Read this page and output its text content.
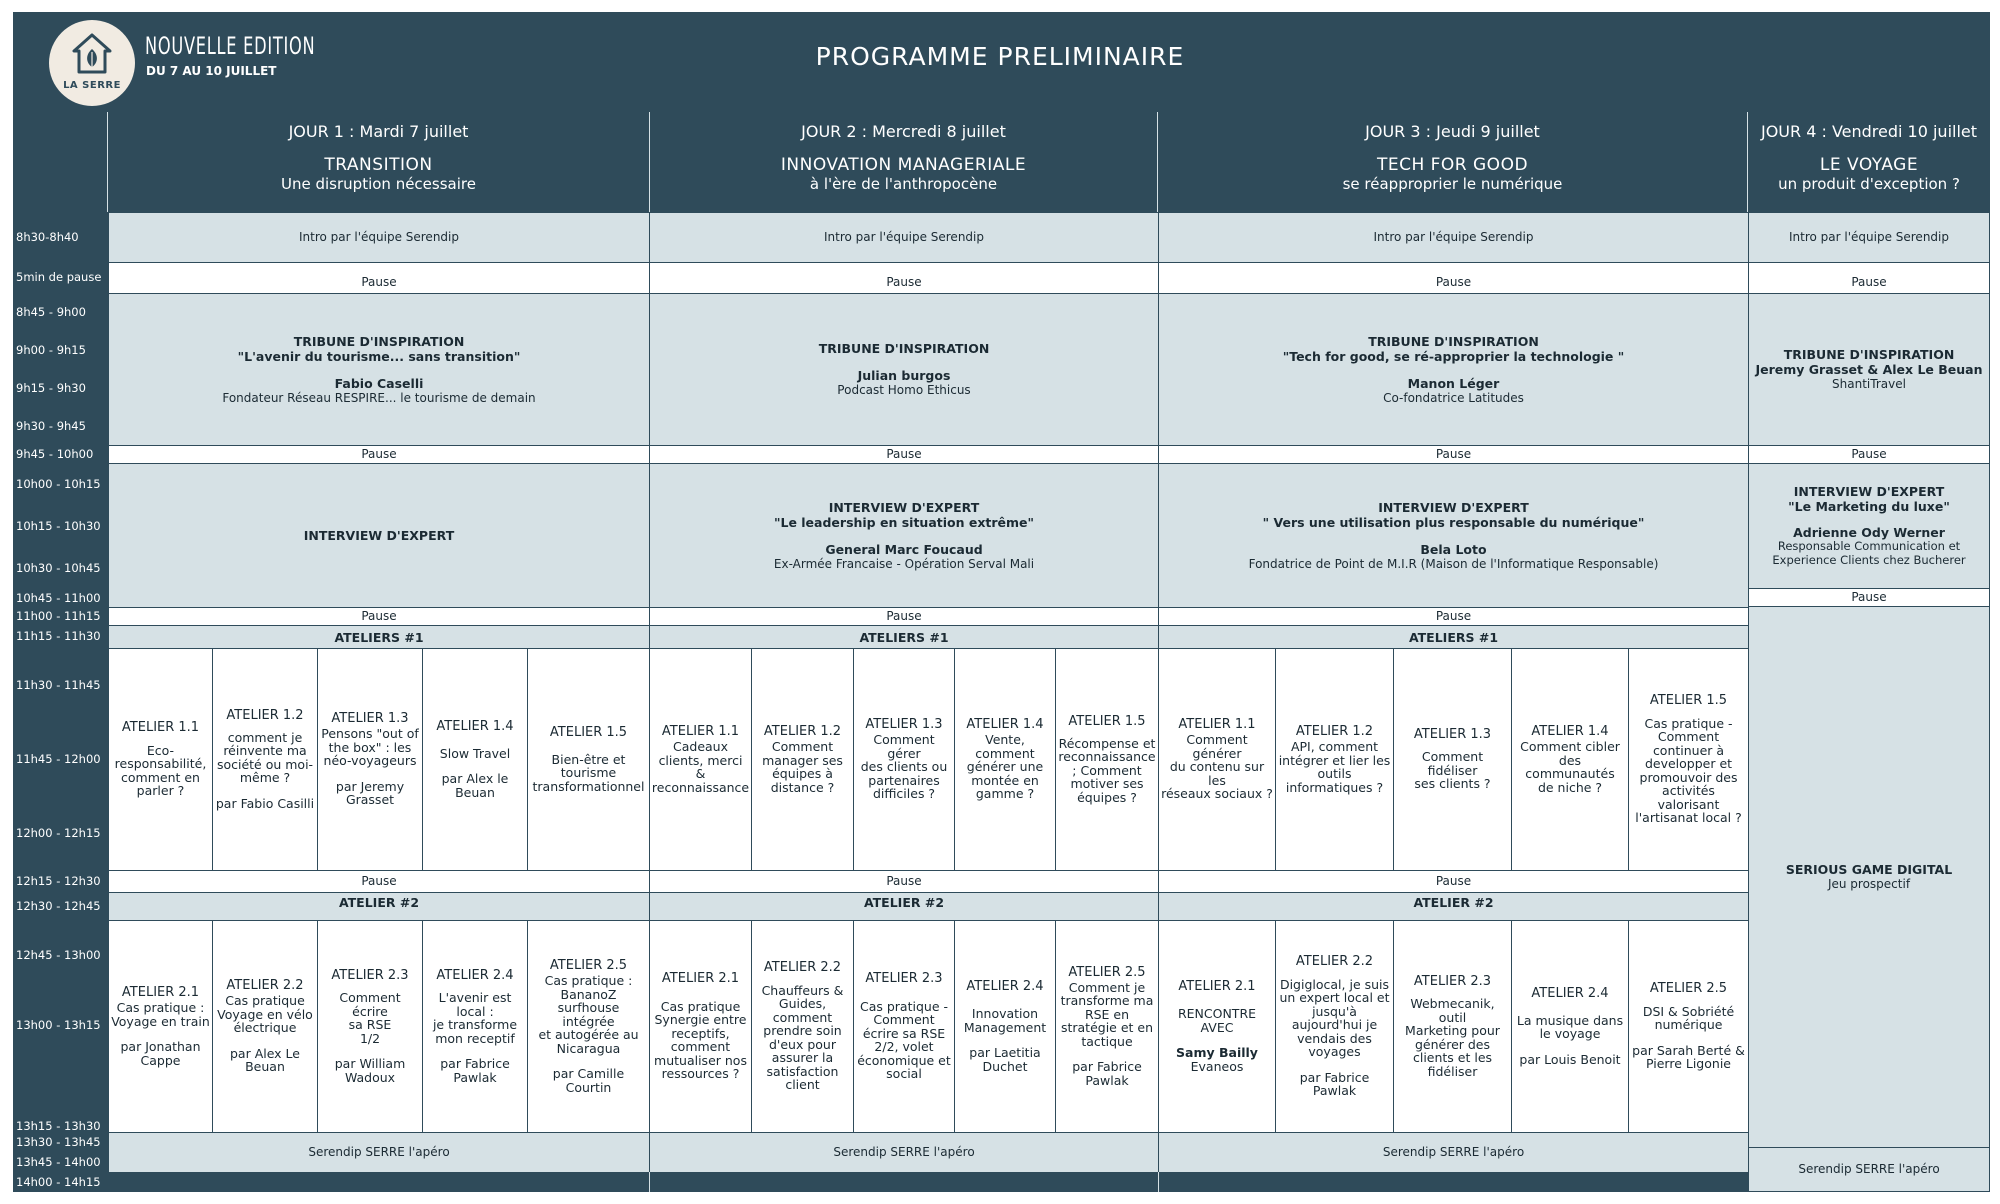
LA SERRE
NOUVELLE EDITION
DU 7 AU 10 JUILLET	PROGRAMME PRELIMINAIRE
JOUR 1 : Mardi 7 juillet
TRANSITION
Une disruption nécessaire
JOUR 2 : Mercredi 8 juillet
INNOVATION MANAGERIALE
à l'ère de l'anthropocène
JOUR 3 : Jeudi 9 juillet
TECH FOR GOOD
se réapproprier le numérique
JOUR 4 : Vendredi 10 juillet
LE VOYAGE
un produit d'exception ?
8h30-8h40
5min de pause
8h45 - 9h00
9h00 - 9h15
9h15 - 9h30
9h30 - 9h45
9h45 - 10h00
10h00 - 10h15
10h15 - 10h30
10h30 - 10h45
10h45 - 11h00
11h00 - 11h15
11h15 - 11h30
11h30 - 11h45
11h45 - 12h00
12h00 - 12h15
12h15 - 12h30
12h30 - 12h45
12h45 - 13h00
13h00 - 13h15
13h15 - 13h30
13h30 - 13h45
13h45 - 14h00
14h00 - 14h15
Intro par l'équipe Serendip
Pause
TRIBUNE D'INSPIRATION
"L'avenir du tourisme... sans transition"
Fabio Caselli
Fondateur Réseau RESPIRE... le tourisme de demain
Pause
INTERVIEW D'EXPERT
Pause
ATELIERS #1
ATELIER 1.1
Eco-
responsabilité,
comment en
parler ?
ATELIER 1.2
comment je
réinvente ma
société ou moi-
même ?
par Fabio Casilli
ATELIER 1.3
Pensons "out of
the box" : les
néo-voyageurs
par Jeremy Grasset
ATELIER 1.4
Slow Travel
par Alex le Beuan
ATELIER 1.5
Bien-être et
tourisme
transformationnel
Pause
ATELIER #2
ATELIER 2.1
Cas pratique :
Voyage en train
par Jonathan Cappe
ATELIER 2.2
Cas pratique
Voyage en vélo
électrique
par Alex Le Beuan
ATELIER 2.3
Comment écrire
sa RSE
1/2
par William Wadoux
ATELIER 2.4
L'avenir est
local :
je transforme
mon receptif
par Fabrice Pawlak
ATELIER 2.5
Cas pratique :
BananoZ
surfhouse intégrée
et autogérée au
Nicaragua
par Camille Courtin
Serendip SERRE l'apéro
Intro par l'équipe Serendip
Pause
TRIBUNE D'INSPIRATION
Julian burgos
Podcast Homo Ethicus
Pause
INTERVIEW D'EXPERT
"Le leadership en situation extrême"
General Marc Foucaud
Ex-Armée Francaise - Opération Serval Mali
Pause
ATELIERS #1
ATELIER 1.1
Cadeaux
clients, merci &
reconnaissance
ATELIER 1.2
Comment
manager ses
équipes à
distance ?
ATELIER 1.3
Comment gérer
des clients ou
partenaires
difficiles ?
ATELIER 1.4
Vente,
comment
générer une
montée en
gamme ?
ATELIER 1.5
Récompense et
reconnaissance
; Comment
motiver ses
équipes ?
Pause
ATELIER #2
ATELIER 2.1
Cas pratique
Synergie entre
receptifs,
comment
mutualiser nos
ressources ?
ATELIER 2.2
Chauffeurs &
Guides,
comment
prendre soin
d'eux pour
assurer la
satisfaction
client
ATELIER 2.3
Cas pratique -
Comment
écrire sa RSE
2/2, volet
économique et
social
ATELIER 2.4
Innovation
Management
par Laetitia Duchet
ATELIER 2.5
Comment je
transforme ma
RSE en
stratégie et en
tactique
par Fabrice Pawlak
Serendip SERRE l'apéro
Intro par l'équipe Serendip
Pause
TRIBUNE D'INSPIRATION
"Tech for good, se ré-approprier la technologie "
Manon Léger
Co-fondatrice Latitudes
Pause
INTERVIEW D'EXPERT
" Vers une utilisation plus responsable du numérique"
Bela Loto
Fondatrice de Point de M.I.R (Maison de l'Informatique Responsable)
Pause
ATELIERS #1
ATELIER 1.1
Comment générer
du contenu sur les
réseaux sociaux ?
ATELIER 1.2
API, comment
intégrer et lier les
outils
informatiques ?
ATELIER 1.3
Comment fidéliser
ses clients ?
ATELIER 1.4
Comment cibler
des communautés
de niche ?
ATELIER 1.5
Cas pratique -
Comment
continuer à
developper et
promouvoir des
activités
valorisant
l'artisanat local ?
Pause
ATELIER #2
ATELIER 2.1
RENCONTRE
AVEC
Samy Bailly
Evaneos
ATELIER 2.2
Digiglocal, je suis
un expert local et
jusqu'à
aujourd'hui je
vendais des
voyages
par Fabrice Pawlak
ATELIER 2.3
Webmecanik, outil
Marketing pour
générer des
clients et les
fidéliser
ATELIER 2.4
La musique dans
le voyage
par Louis Benoit
ATELIER 2.5
DSI & Sobriété
numérique
par Sarah Berté & Pierre Ligonie
Serendip SERRE l'apéro
Intro par l'équipe Serendip
Pause
TRIBUNE D'INSPIRATION
Jeremy Grasset & Alex Le Beuan
ShantiTravel
Pause
INTERVIEW D'EXPERT
"Le Marketing du luxe"
Adrienne Ody Werner
Responsable Communication et Experience Clients chez Bucherer
Pause
SERIOUS GAME DIGITAL
Jeu prospectif
Serendip SERRE l'apéro
